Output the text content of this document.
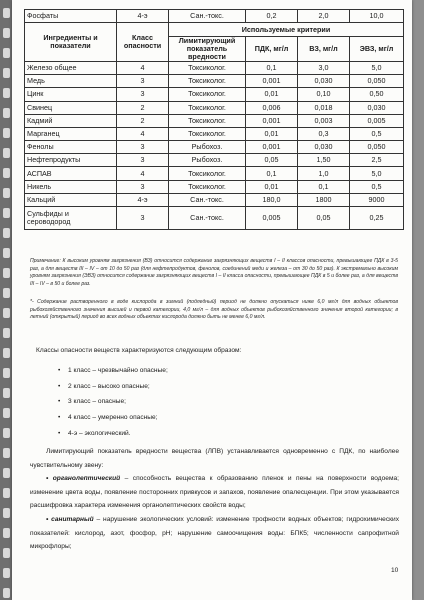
Фосфаты	4-э	Сан.-токс.	0,2	2,0	10,0
Ингредиенты и показатели	Класс опасности	Используемые критерии			
		Лимитирующий показатель вредности	ПДК, мг/л	ВЗ, мг/л	ЭВЗ, мг/л
Железо общее	4	Токсиколог.	0,1	3,0	5,0
Медь	3	Токсиколог.	0,001	0,030	0,050
Цинк	3	Токсиколог.	0,01	0,10	0,50
Свинец	2	Токсиколог.	0,006	0,018	0,030
Кадмий	2	Токсиколог.	0,001	0,003	0,005
Марганец	4	Токсиколог.	0,01	0,3	0,5
Фенолы	3	Рыбохоз.	0,001	0,030	0,050
Нефтепродукты	3	Рыбохоз.	0,05	1,50	2,5
АСПАВ	4	Токсиколог.	0,1	1,0	5,0
Никель	3	Токсиколог.	0,01	0,1	0,5
Кальций	4-э	Сан.-токс.	180,0	1800	9000
Сульфиды и сероводород	3	Сан.-токс.	0,005	0,05	0,25
Примечание: К высоким уровням загрязнения (ВЗ) относится содержание загрязняющих веществ I – II классов опасности, превышающее ПДК в 3-5 раз, а для веществ III – IV – от 10 до 50 раз (для нефтепродуктов, фенолов, соединений меди и железа – от 30 до 50 раз). К экстремально высоким уровням загрязнения (ЭВЗ) относится содержание загрязняющих веществ I – II класса опасности, превышающее ПДК в 5 и более раз, а для веществ III – IV – в 50 и более раз.
*- Содержание растворенного в воде кислорода в зимний (подледный) период не должно опускаться ниже 6,0 мг/л для водных объектов рыбохозяйственного значения высшей и первой категории, 4,0 мг/л – для водных объектов рыбохозяйственного значения второй категории; в летний (открытый) период во всех водных объектах кислорода должно быть не менее 6,0 мг/л.
Классы опасности веществ характеризуются следующим образом:
•	1 класс – чрезвычайно опасные;
•	2 класс – высоко опасные;
•	3 класс – опасные;
•	4 класс – умеренно опасные;
•	4-э – экологический.
Лимитирующий показатель вредности вещества (ЛПВ) устанавливается одновременно с ПДК, по наиболее чувствительному звену:
• органолептический – способность вещества к образованию пленок и пены на поверхности водоема; изменение цвета воды, появление посторонних привкусов и запахов, появление опалесценции. При этом указывается расшифровка характера изменения органолептических свойств воды;
• санитарный – нарушение экологических условий: изменение трофности водных объектов; гидрохимических показателей: кислород, азот, фосфор, pH; нарушение самоочищения воды: БПК5; численности сапрофитной микрофлоры;
10
